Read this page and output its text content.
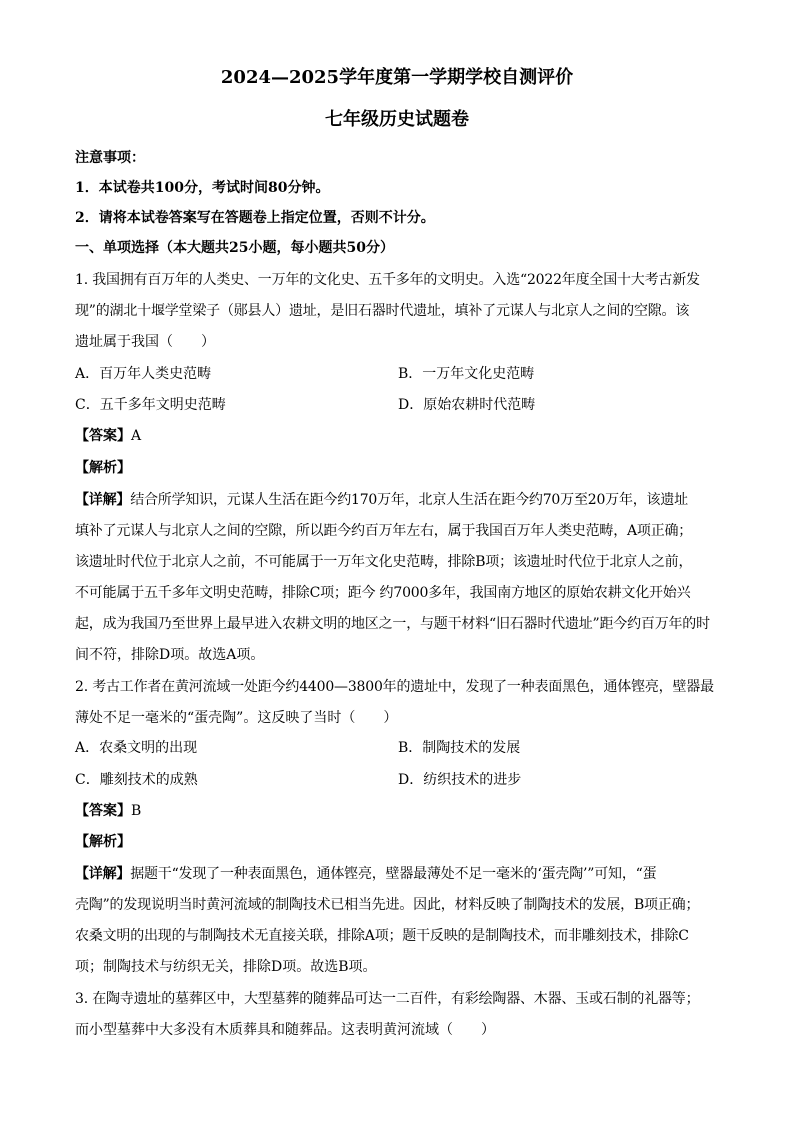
2024—2025学年度第一学期学校自测评价
七年级历史试题卷
注意事项：
1．本试卷共100分，考试时间80分钟。
2．请将本试卷答案写在答题卷上指定位置，否则不计分。
一、单项选择（本大题共25小题，每小题共50分）
1. 我国拥有百万年的人类史、一万年的文化史、五千多年的文明史。入选“2022年度全国十大考古新发
现”的湖北十堰学堂梁子（郧县人）遗址，是旧石器时代遗址，填补了元谋人与北京人之间的空隙。该
遗址属于我国（　　）
A．百万年人类史范畴	B．一万年文化史范畴
C．五千多年文明史范畴	D．原始农耕时代范畴
【答案】A
【解析】
【详解】结合所学知识，元谋人生活在距今约170万年，北京人生活在距今约70万至20万年，该遗址
填补了元谋人与北京人之间的空隙，所以距今约百万年左右，属于我国百万年人类史范畴，A项正确；
该遗址时代位于北京人之前，不可能属于一万年文化史范畴，排除B项；该遗址时代位于北京人之前，
不可能属于五千多年文明史范畴，排除C项；距今 约7000多年，我国南方地区的原始农耕文化开始兴
起，成为我国乃至世界上最早进入农耕文明的地区之一，与题干材料“旧石器时代遗址”距今约百万年的时
间不符，排除D项。故选A项。
2. 考古工作者在黄河流域一处距今约4400—3800年的遗址中，发现了一种表面黑色，通体铿亮，壁器最
薄处不足一毫米的“蛋壳陶”。这反映了当时（　　）
A．农桑文明的出现	B．制陶技术的发展
C．雕刻技术的成熟	D．纺织技术的进步
【答案】B
【解析】
【详解】据题干“发现了一种表面黑色，通体铿亮，壁器最薄处不足一毫米的‘蛋壳陶’”可知，“蛋
壳陶”的发现说明当时黄河流域的制陶技术已相当先进。因此，材料反映了制陶技术的发展，B项正确；
农桑文明的出现的与制陶技术无直接关联，排除A项；题干反映的是制陶技术，而非雕刻技术，排除C
项；制陶技术与纺织无关，排除D项。故选B项。
3. 在陶寺遗址的墓葬区中，大型墓葬的随葬品可达一二百件，有彩绘陶器、木器、玉或石制的礼器等；
而小型墓葬中大多没有木质葬具和随葬品。这表明黄河流域（　　）
